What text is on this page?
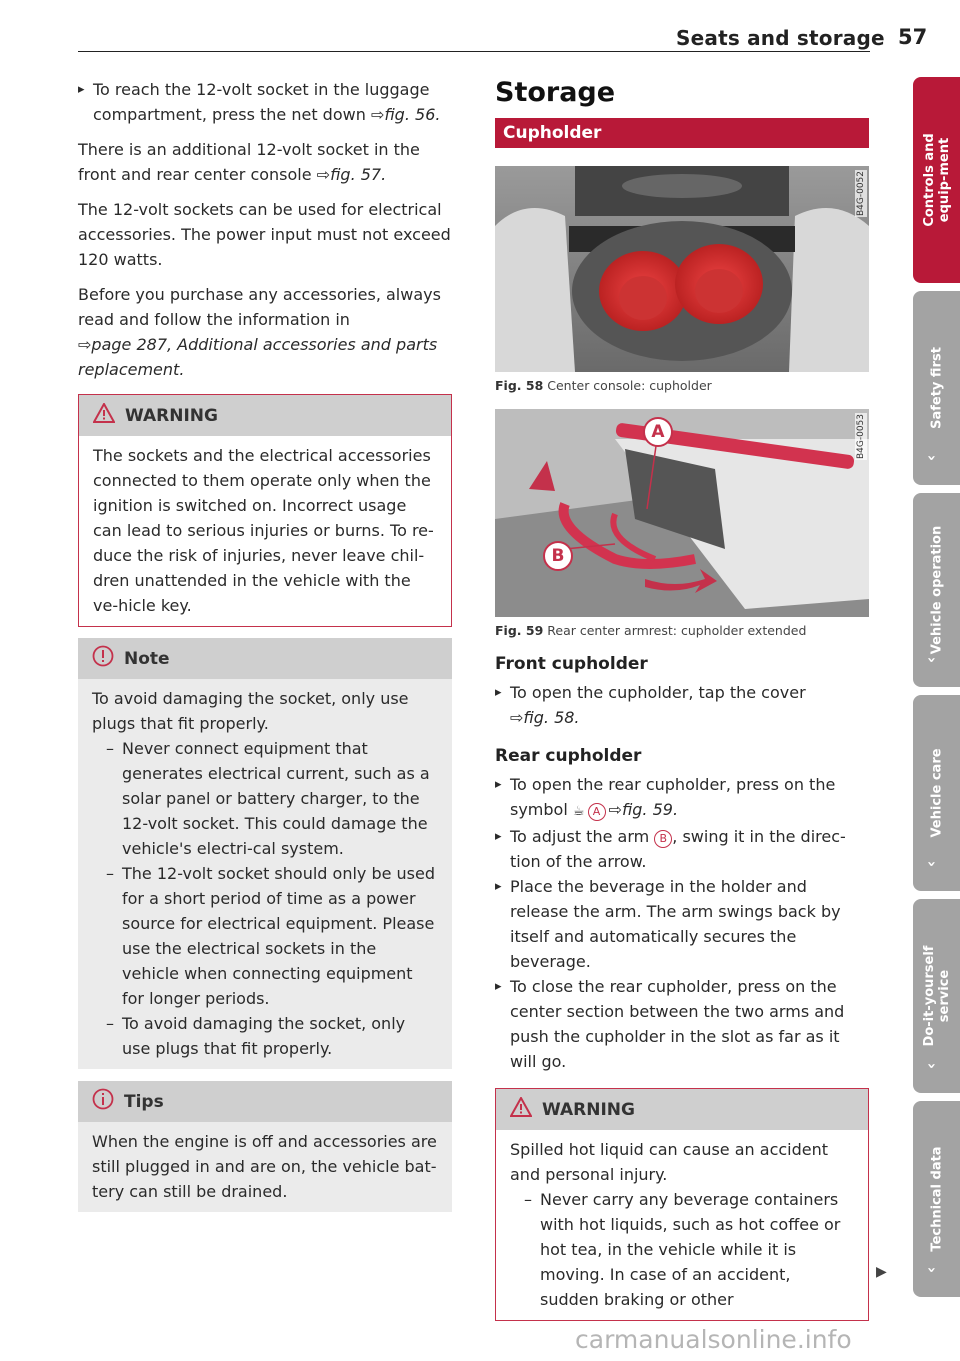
Seats and storage 57

▸ To reach the 12-volt socket in the luggage compartment, press the net down ⇨fig. 56.

There is an additional 12-volt socket in the front and rear center console ⇨fig. 57.

The 12-volt sockets can be used for electrical accessories. The power input must not exceed 120 watts.

Before you purchase any accessories, always read and follow the information in
⇨page 287, Additional accessories and parts replacement.

WARNING

The sockets and the electrical accessories connected to them operate only when the ignition is switched on. Incorrect usage can lead to serious injuries or burns. To re-duce the risk of injuries, never leave chil-dren unattended in the vehicle with the ve-hicle key.

Note

To avoid damaging the socket, only use plugs that fit properly.

– Never connect equipment that generates electrical current, such as a solar panel or battery charger, to the 12-volt socket. This could damage the vehicle's electri-cal system.

– The 12-volt socket should only be used for a short period of time as a power source for electrical equipment. Please use the electrical sockets in the vehicle when connecting equipment for longer periods.

– To avoid damaging the socket, only use plugs that fit properly.

Tips

When the engine is off and accessories are still plugged in and are on, the vehicle bat-tery can still be drained.

Storage
Cupholder
B4G-0052
Fig. 58 Center console: cupholder
A
B
B4G-0053
Fig. 59 Rear center armrest: cupholder extended
Front cupholder

▸ To open the cupholder, tap the cover
⇨fig. 58.

Rear cupholder

▸ To open the rear cupholder, press on the symbol ☕ A ⇨fig. 59.

▸ To adjust the arm B , swing it in the direc-tion of the arrow.

▸ Place the beverage in the holder and release the arm. The arm swings back by itself and automatically secures the beverage.

▸ To close the rear cupholder, press on the center section between the two arms and push the cupholder in the slot as far as it will go.

WARNING

Spilled hot liquid can cause an accident and personal injury.

– Never carry any beverage containers with hot liquids, such as hot coffee or hot tea, in the vehicle while it is moving. In case of an accident, sudden braking or other

▶
Controls and equip-ment
Safety first
›
Vehicle operation
›
Vehicle care
›
Do-it-yourself service
›
Technical data
›
carmanualsonline.info
